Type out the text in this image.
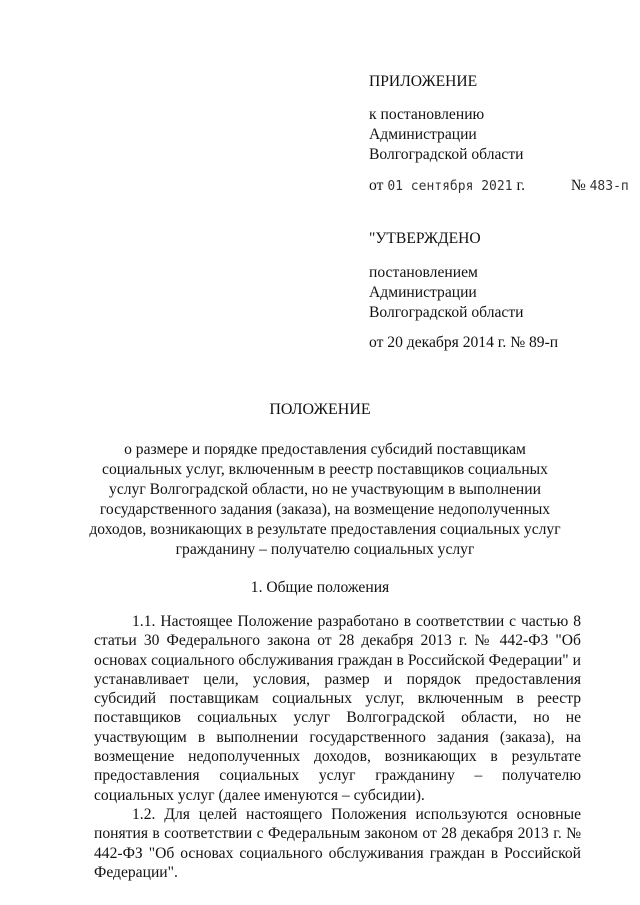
ПРИЛОЖЕНИЕ
к постановлению
Администрации
Волгоградской области
от 01 сентября 2021 г.	№ 483-п
"УТВЕРЖДЕНО
постановлением
Администрации
Волгоградской области
от 20 декабря 2014 г. № 89-п
ПОЛОЖЕНИЕ
о размере и порядке предоставления субсидий поставщикам
социальных услуг, включенным в реестр поставщиков социальных
услуг Волгоградской области, но не участвующим в выполнении
государственного задания (заказа), на возмещение недополученных
доходов, возникающих в результате предоставления социальных услуг
гражданину – получателю социальных услуг
1. Общие положения

1.1. Настоящее Положение разработано в соответствии с частью 8 статьи 30 Федерального закона от 28 декабря 2013 г. № 442-ФЗ "Об основах социального обслуживания граждан в Российской Федерации" и устанавливает цели, условия, размер и порядок предоставления субсидий поставщикам социальных услуг, включенным в реестр поставщиков социальных услуг Волгоградской области, но не участвующим в выполнении государственного задания (заказа), на возмещение недополученных доходов, возникающих в результате предоставления социальных услуг гражданину – получателю социальных услуг (далее именуются – субсидии).

1.2. Для целей настоящего Положения используются основные понятия в соответствии с Федеральным законом от 28 декабря 2013 г. № 442-ФЗ "Об основах социального обслуживания граждан в Российской Федерации".
